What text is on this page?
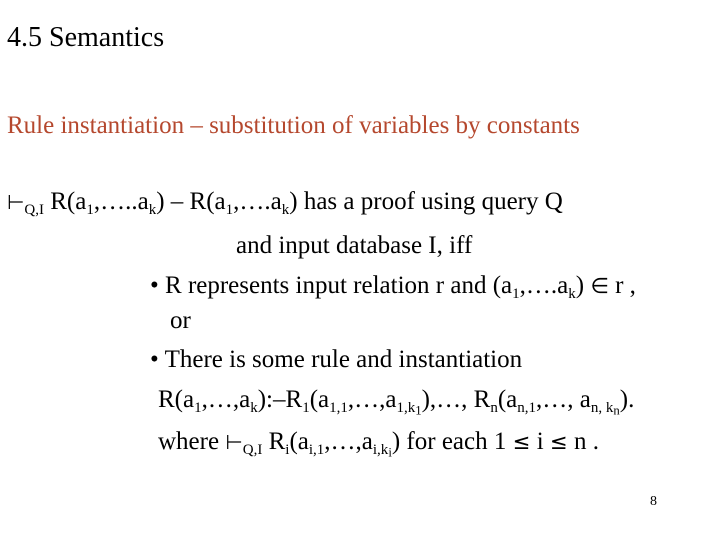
4.5 Semantics
Rule instantiation – substitution of variables by constants
$⊢_{Q,I}$ $R(a_1,\dots..a_k)$ – $R(a_1,\dots.a_k)$ has a proof using query Q
and input database I, iff
• R represents input relation r and $(a_1,\dots.a_k)$ ∈ r ,
or
• There is some rule and instantiation
$R(a_1,\dots,a_k):-R_1(a_{1,1},\dots,a_{1,k_1}),\dots$, $R_n(a_{n,1},\dots$, $a_{n, k_n}$).
where $⊢_{Q,I}$ $R_i(a_{i,1},\dots,a_{i,k_i})$ for each 1 ≤ i ≤ n .
8
